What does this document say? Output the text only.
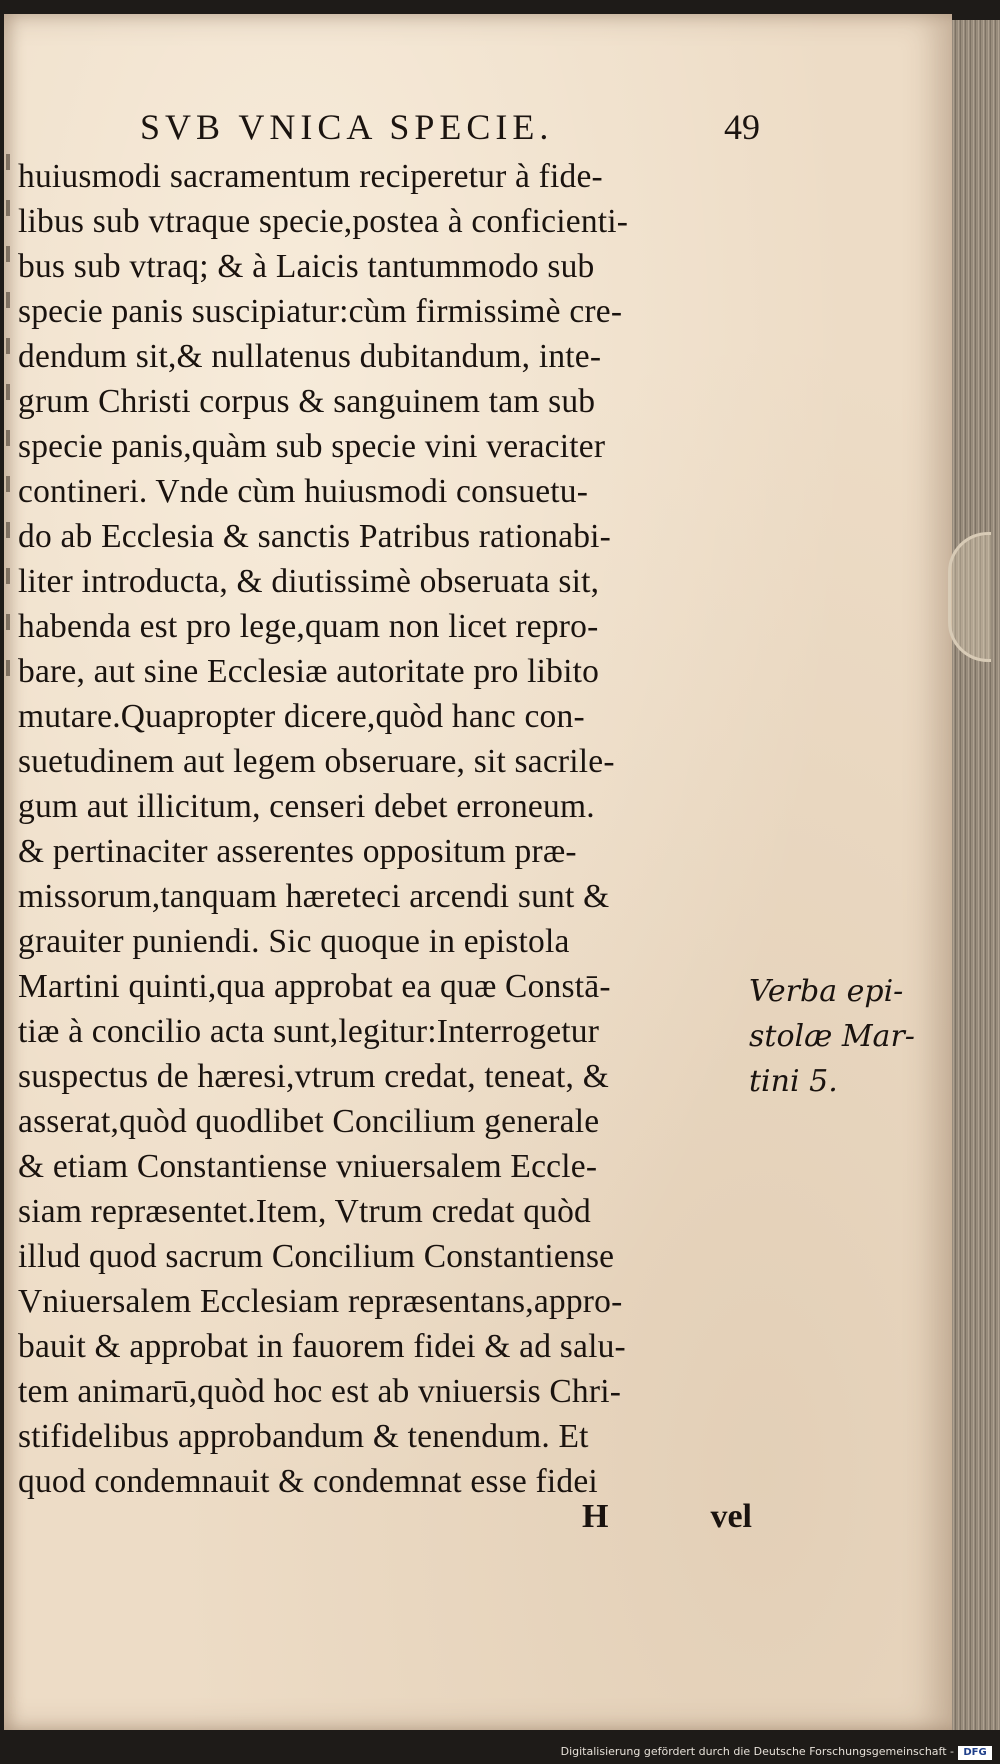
SVB VNICA SPECIE.	49
huiusmodi sacramentum reciperetur à fide-
libus sub vtraque specie,postea à conficienti-
bus sub vtraq; & à Laicis tantummodo sub
specie panis suscipiatur:cùm firmissimè cre-
dendum sit,& nullatenus dubitandum, inte-
grum Christi corpus & sanguinem tam sub
specie panis,quàm sub specie vini veraciter
contineri. Vnde cùm huiusmodi consuetu-
do ab Ecclesia & sanctis Patribus rationabi-
liter introducta, & diutissimè obseruata sit,
habenda est pro lege,quam non licet repro-
bare, aut sine Ecclesiæ autoritate pro libito
mutare.Quapropter dicere,quòd hanc con-
suetudinem aut legem obseruare, sit sacrile-
gum aut illicitum, censeri debet erroneum.
& pertinaciter asserentes oppositum præ-
missorum,tanquam hæreteci arcendi sunt &
grauiter puniendi. Sic quoque in epistola
Martini quinti,qua approbat ea quæ Constā-
tiæ à concilio acta sunt,legitur:Interrogetur
suspectus de hæresi,vtrum credat, teneat, &
asserat,quòd quodlibet Concilium generale
& etiam Constantiense vniuersalem Eccle-
siam repræsentet.Item, Vtrum credat quòd
illud quod sacrum Concilium Constantiense
Vniuersalem Ecclesiam repræsentans,appro-
bauit & approbat in fauorem fidei & ad salu-
tem animarū,quòd hoc est ab vniuersis Chri-
stifidelibus approbandum & tenendum. Et
quod condemnauit & condemnat esse fidei
Verba epi-
stolæ Mar-
tini 5.
H	vel
Digitalisierung gefördert durch die Deutsche Forschungsgemeinschaft - DFG
